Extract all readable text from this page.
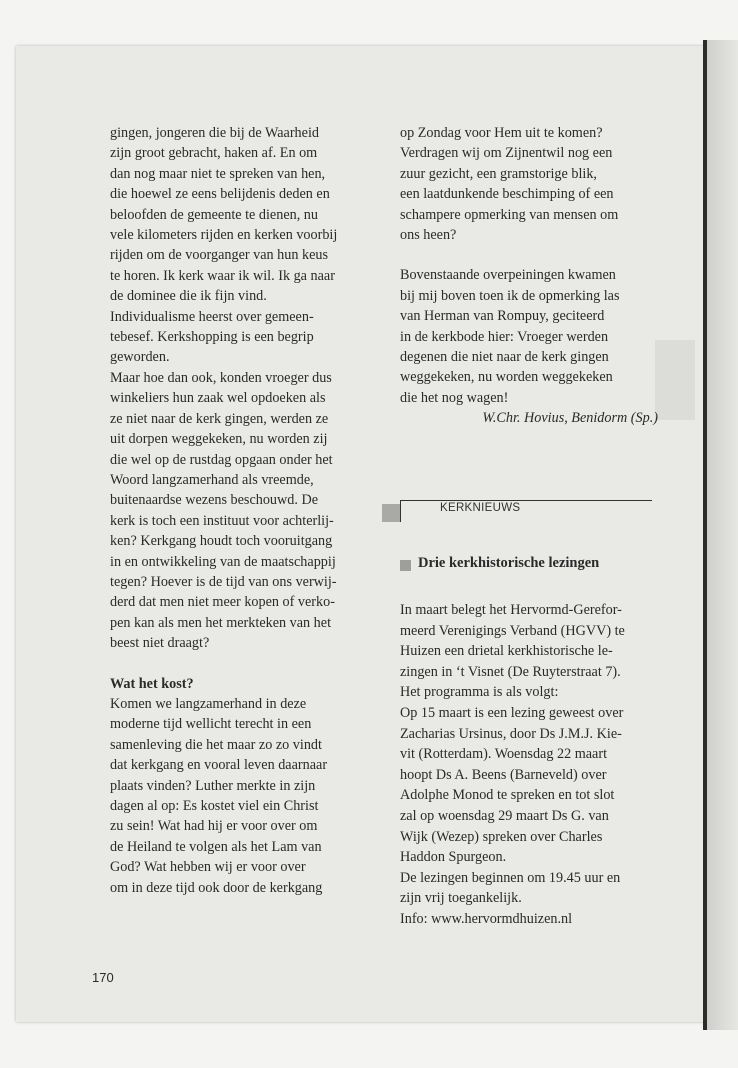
gingen, jongeren die bij de Waarheid
zijn groot gebracht, haken af. En om
dan nog maar niet te spreken van hen,
die hoewel ze eens belijdenis deden en
beloofden de gemeente te dienen, nu
vele kilometers rijden en kerken voorbij
rijden om de voorganger van hun keus
te horen. Ik kerk waar ik wil. Ik ga naar
de dominee die ik fijn vind.
Individualisme heerst over gemeen-
tebesef. Kerkshopping is een begrip
geworden.

Maar hoe dan ook, konden vroeger dus
winkeliers hun zaak wel opdoeken als
ze niet naar de kerk gingen, werden ze
uit dorpen weggekeken, nu worden zij
die wel op de rustdag opgaan onder het
Woord langzamerhand als vreemde,
buitenaardse wezens beschouwd. De
kerk is toch een instituut voor achterlij-
ken? Kerkgang houdt toch vooruitgang
in en ontwikkeling van de maatschappij
tegen? Hoever is de tijd van ons verwij-
derd dat men niet meer kopen of verko-
pen kan als men het merkteken van het
beest niet draagt?

Wat het kost?

Komen we langzamerhand in deze
moderne tijd wellicht terecht in een
samenleving die het maar zo zo vindt
dat kerkgang en vooral leven daarnaar
plaats vinden? Luther merkte in zijn
dagen al op: Es kostet viel ein Christ
zu sein! Wat had hij er voor over om
de Heiland te volgen als het Lam van
God? Wat hebben wij er voor over
om in deze tijd ook door de kerkgang

op Zondag voor Hem uit te komen?
Verdragen wij om Zijnentwil nog een
zuur gezicht, een gramstorige blik,
een laatdunkende beschimping of een
schampere opmerking van mensen om
ons heen?

Bovenstaande overpeiningen kwamen
bij mij boven toen ik de opmerking las
van Herman van Rompuy, geciteerd
in de kerkbode hier: Vroeger werden
degenen die niet naar de kerk gingen
weggekeken, nu worden weggekeken
die het nog wagen!

W.Chr. Hovius, Benidorm (Sp.)

KERKNIEUWS
Drie kerkhistorische lezingen

In maart belegt het Hervormd-Gerefor-
meerd Verenigings Verband (HGVV) te
Huizen een drietal kerkhistorische le-
zingen in ‘t Visnet (De Ruyterstraat 7).
Het programma is als volgt:
Op 15 maart is een lezing geweest over
Zacharias Ursinus, door Ds J.M.J. Kie-
vit (Rotterdam). Woensdag 22 maart
hoopt Ds A. Beens (Barneveld) over
Adolphe Monod te spreken en tot slot
zal op woensdag 29 maart Ds G. van
Wijk (Wezep) spreken over Charles
Haddon Spurgeon.
De lezingen beginnen om 19.45 uur en
zijn vrij toegankelijk.
Info: www.hervormdhuizen.nl

170
